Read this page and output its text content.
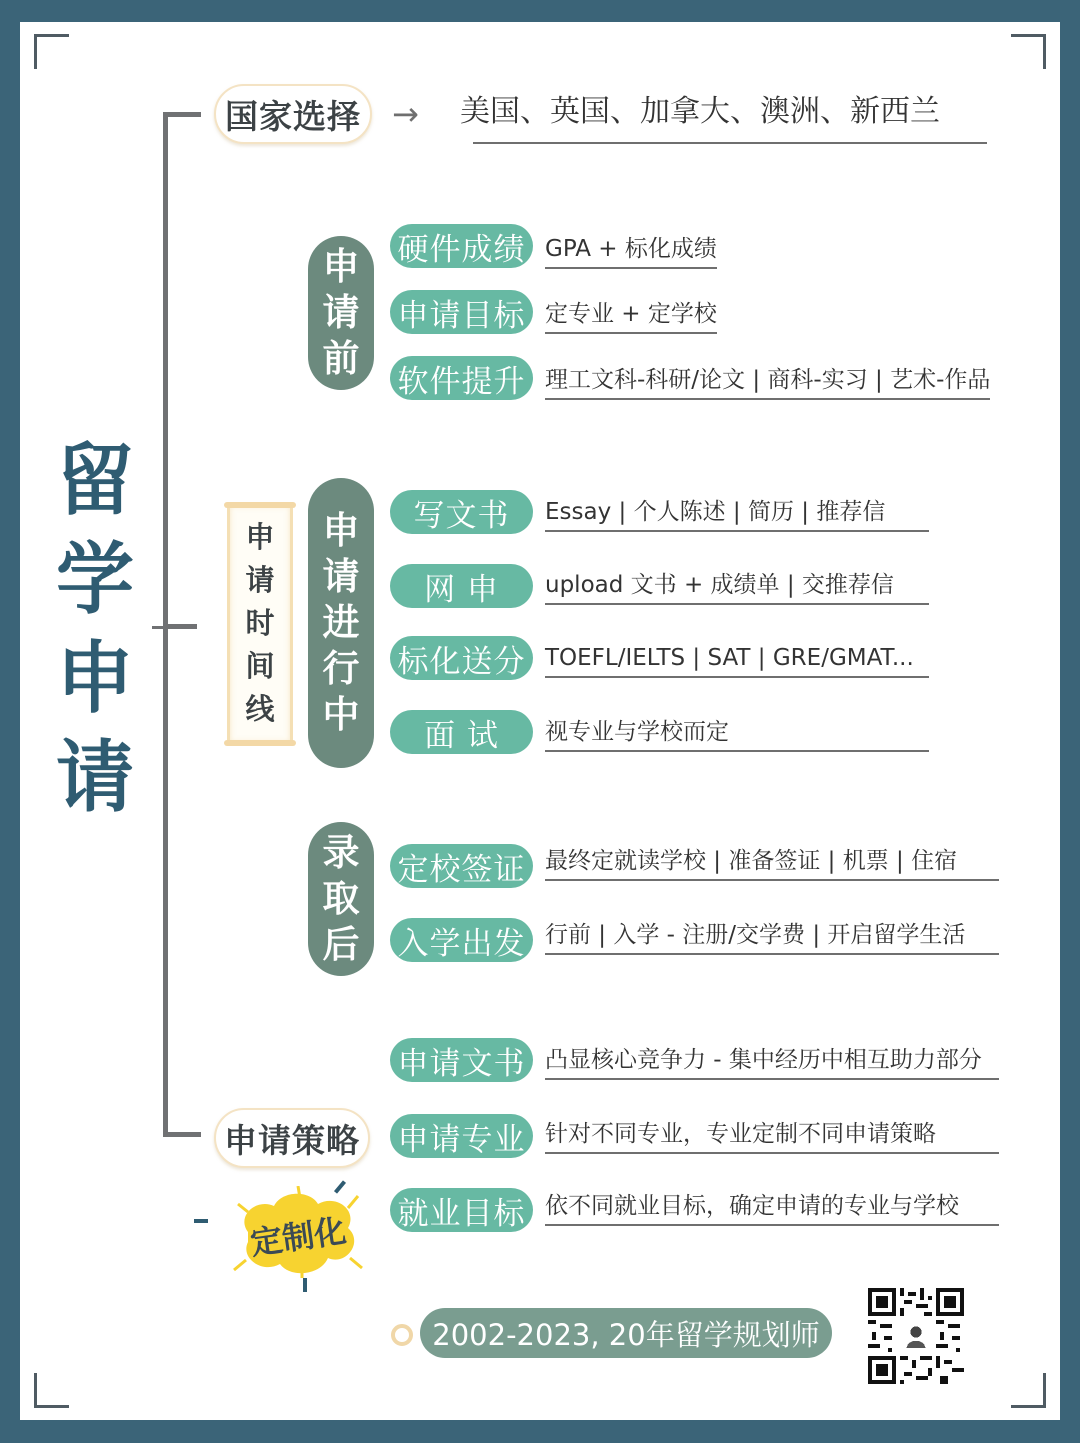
留
学
申
请
国家选择 → 美国、英国、加拿大、澳洲、新西兰
申
请
时
间
线
申
请
前
硬件成绩 GPA + 标化成绩
申请目标 定专业 + 定学校
软件提升 理工文科-科研/论文 | 商科-实习 | 艺术-作品
申
请
进
行
中
写文书	Essay | 个人陈述 | 简历 | 推荐信
网 申	upload 文书 + 成绩单 | 交推荐信
标化送分 TOEFL/IELTS | SAT | GRE/GMAT...
面 试	视专业与学校而定
录
取
后
定校签证 最终定就读学校 | 准备签证 | 机票 | 住宿
入学出发 行前 | 入学 - 注册/交学费 | 开启留学生活
申请策略
定制化
申请文书 凸显核心竞争力 - 集中经历中相互助力部分
申请专业 针对不同专业，专业定制不同申请策略
就业目标 依不同就业目标，确定申请的专业与学校
2002-2023, 20年留学规划师
